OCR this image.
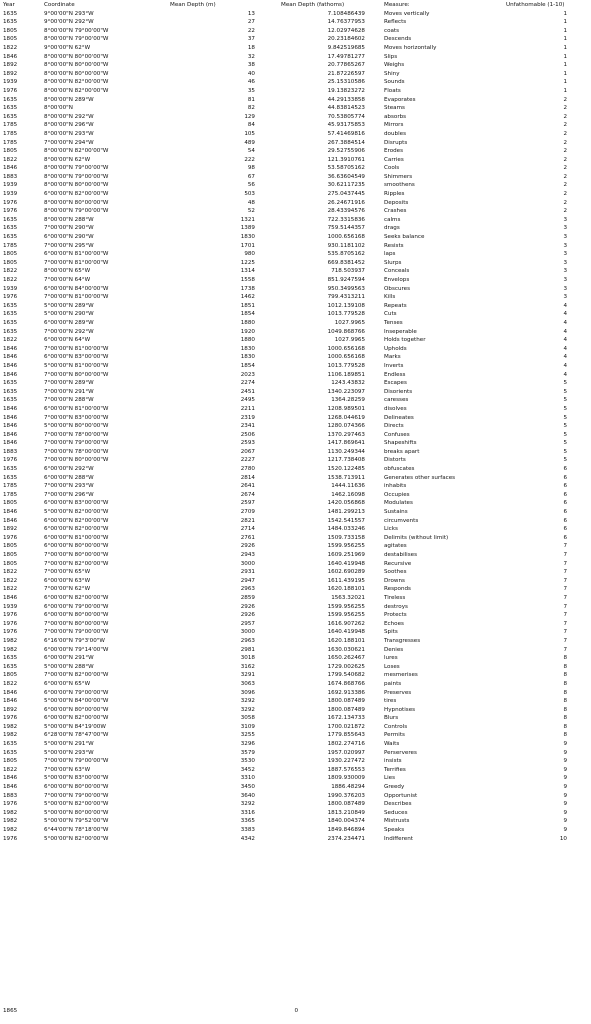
Year	Coordinate	Mean Depth (m)	Mean Depth (fathoms)	Measure:	Unfathomable (1-10)
1635	9°00'00"N 293°W	13	7.108486439	Moves vertically	1
1635	9°00'00"N 292°W	27	14.76377953	Reflects	1
1805	8°00'00"N 79°00'00"W	22	12.02974628	coats	1
1805	8°00'00"N 79°00'00"W	37	20.23184602	Descends	1
1822	9°00'00"N 62°W	18	9.842519685	Moves horizontally	1
1846	8°00'00"N 80°00'00"W	32	17.49781277	Slips	1
1892	8°00'00"N 80°00'00"W	38	20.77865267	Weighs	1
1892	8°00'00"N 80°00'00"W	40	21.87226597	Shiny	1
1939	8°00'00"N 82°00'00"W	46	25.15310586	Sounds	1
1976	8°00'00"N 82°00'00"W	35	19.13823272	Floats	1
1635	8°00'00"N 289°W	81	44.29133858	Evaporates	2
1635	8°00'00"N	82	44.83814523	Steams	2
1635	8°00'00"N 292°W	129	70.53805774	absorbs	2
1785	8°00'00"N 296°W	84	45.93175853	Mirrors	2
1785	8°00'00"N 293°W	105	57.41469816	doubles	2
1785	7°00'00"N 294°W	489	267.3884514	Disrupts	2
1805	8°00'00"N 82°00'00"W	54	29.52755906	Erodes	2
1822	8°00'00"N 62°W	222	121.3910761	Carries	2
1846	8°00'00"N 79°00'00"W	98	53.58705162	Cools	2
1883	8°00'00"N 79°00'00"W	67	36.63604549	Shimmers	2
1939	8°00'00"N 80°00'00"W	56	30.62117235	smoothens	2
1939	6°00'00"N 82°00'00"W	503	275.0437445	Ripples	2
1976	8°00'00"N 80°00'00"W	48	26.24671916	Deposits	2
1976	8°00'00"N 79°00'00"W	52	28.43394576	Crashes	2
1635	8°00'00"N 288°W	1321	722.3315836	calms	3
1635	7°00'00"N 290°W	1389	759.5144357	drags	3
1635	6°00'00"N 290°W	1830	1000.656168	Seeks balance	3
1785	7°00'00"N 295°W	1701	930.1181102	Resists	3
1805	6°00'00"N 81°00'00"W	980	535.8705162	laps	3
1805	7°00'00"N 81°00'00"W	1225	669.8381452	Slurps	3
1822	8°00'00"N 65°W	1314	718.503937	Conceals	3
1822	7°00'00"N 64°W	1558	851.9247594	Envelops	3
1939	6°00'00"N 84°00'00"W	1738	950.3499563	Obscures	3
1976	7°00'00"N 81°00'00"W	1462	799.4313211	Kills	3
1635	5°00'00"N 289°W	1851	1012.139108	Repeats	4
1635	5°00'00"N 290°W	1854	1013.779528	Cuts	4
1635	6°00'00"N 289°W	1880	1027.9965	Tenses	4
1635	7°00'00"N 292°W	1920	1049.868766	Inseperable	4
1822	6°00'00"N 64°W	1880	1027.9965	Holds together	4
1846	7°00'00"N 81°00'00"W	1830	1000.656168	Upholds	4
1846	6°00'00"N 83°00'00"W	1830	1000.656168	Marks	4
1846	5°00'00"N 81°00'00"W	1854	1013.779528	Inverts	4
1846	7°00'00"N 80°00'00"W	2023	1106.189851	Endless	4
1635	7°00'00"N 289°W	2274	1243.43832	Escapes	5
1635	7°00'00"N 291°W	2451	1340.223097	Disorients	5
1635	7°00'00"N 288°W	2495	1364.28259	caresses	5
1846	6°00'00"N 81°00'00"W	2211	1208.989501	disolves	5
1846	7°00'00"N 83°00'00"W	2319	1268.044619	Delineates	5
1846	5°00'00"N 80°00'00"W	2341	1280.074366	Directs	5
1846	7°00'00"N 78°00'00"W	2506	1370.297463	Confuses	5
1846	7°00'00"N 79°00'00"W	2593	1417.869641	Shapeshifts	5
1883	7°00'00"N 78°00'00"W	2067	1130.249344	breaks apart	5
1976	7°00'00"N 80°00'00"W	2227	1217.738408	Distorts	5
1635	6°00'00"N 292°W	2780	1520.122485	obfuscates	6
1635	6°00'00"N 288°W	2814	1538.713911	Generates other surfaces	6
1785	7°00'00"N 293°W	2641	1444.11636	inhabits	6
1785	7°00'00"N 296°W	2674	1462.16098	Occupies	6
1805	6°00'00"N 83°00'00"W	2597	1420.056868	Modulates	6
1846	5°00'00"N 82°00'00"W	2709	1481.299213	Sustains	6
1846	6°00'00"N 82°00'00"W	2821	1542.541557	circumvents	6
1892	6°00'00"N 82°00'00"W	2714	1484.033246	Licks	6
1976	6°00'00"N 81°00'00"W	2761	1509.733158	Delimits (without limit)	6
1805	6°00'00"N 80°00'00"W	2926	1599.956255	agitates	7
1805	7°00'00"N 80°00'00"W	2943	1609.251969	destabilises	7
1805	7°00'00"N 82°00'00"W	3000	1640.419948	Recursive	7
1822	7°00'00"N 65°W	2931	1602.690289	Soothes	7
1822	6°00'00"N 63°W	2947	1611.439195	Drowns	7
1822	7°00'00"N 62°W	2963	1620.188101	Responds	7
1846	6°00'00"N 82°00'00"W	2859	1563.32021	Tireless	7
1939	6°00'00"N 79°00'00"W	2926	1599.956255	destroys	7
1976	6°00'00"N 80°00'00"W	2926	1599.956255	Protects	7
1976	7°00'00"N 80°00'00"W	2957	1616.907262	Echoes	7
1976	7°00'00"N 79°00'00"W	3000	1640.419948	Spits	7
1982	6°16'00"N 79°3'00"W	2963	1620.188101	Transgresses	7
1982	6°00'00"N 79°14'00"W	2981	1630.030621	Denies	7
1635	6°00'00"N 291°W	3018	1650.262467	lures	8
1635	5°00'00"N 288°W	3162	1729.002625	Loses	8
1805	7°00'00"N 82°00'00"W	3291	1799.540682	mesmerises	8
1822	6°00'00"N 65°W	3063	1674.868766	paints	8
1846	6°00'00"N 79°00'00"W	3096	1692.913386	Preserves	8
1846	5°00'00"N 84°00'00"W	3292	1800.087489	tires	8
1892	6°00'00"N 80°00'00"W	3292	1800.087489	Hypnotises	8
1976	6°00'00"N 82°00'00"W	3058	1672.134733	Blurs	8
1982	5°00'00"N 84°19'00W	3109	1700.021872	Controls	8
1982	6°28'00"N 78°47'00"W	3255	1779.855643	Permits	8
1635	5°00'00"N 291°W	3296	1802.274716	Waits	9
1635	5°00'00"N 293°W	3579	1957.020997	Perserveres	9
1805	7°00'00"N 79°00'00"W	3530	1930.227472	insists	9
1822	7°00'00"N 63°W	3452	1887.576553	Terrifies	9
1846	5°00'00"N 83°00'00"W	3310	1809.930009	Lies	9
1846	6°00'00"N 80°00'00"W	3450	1886.48294	Greedy	9
1883	7°00'00"N 79°00'00"W	3640	1990.376203	Opportunist	9
1976	5°00'00"N 82°00'00"W	3292	1800.087489	Describes	9
1982	5°00'00"N 80°00'00"W	3316	1813.210849	Seduces	9
1982	5°00'00"N 79°52'00"W	3365	1840.004374	Mistrusts	9
1982	6°44'00"N 78°18'00"W	3383	1849.846894	Speaks	9
1976	5°00'00"N 82°00'00"W	4342	2374.234471	Indifferent	10
1865	0
